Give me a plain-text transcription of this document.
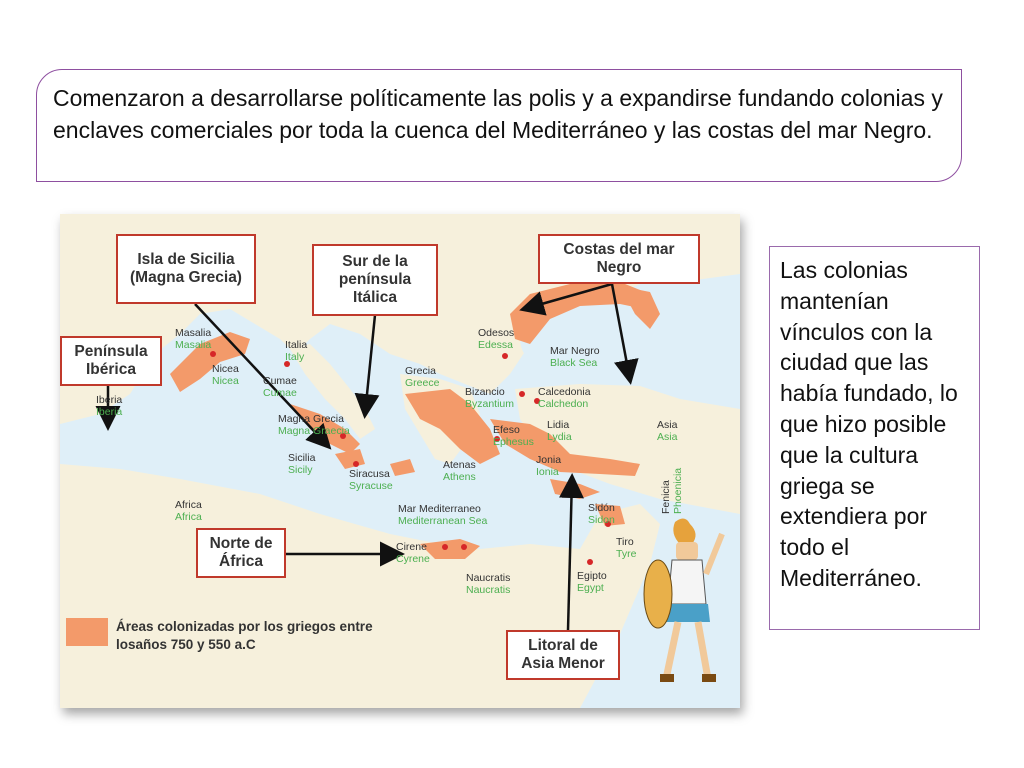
Comenzaron a desarrollarse políticamente las polis y a expandirse fundando colonias y enclaves comerciales por toda la cuenca del Mediterráneo y las costas del mar Negro.

Las colonias mantenían vínculos con la ciudad que las había fundado, lo que hizo posible que la cultura griega se extendiera por todo el Mediterráneo.

Masalia
Masalia	Italia
Italy
Odesos
Edessa	Mar Negro
Black Sea
Nicea
Nicea Cumae
Cumae
Grecia
Greece
Bizancio
Byzantium
Calcedonia
Calchedon
Iberia
Iberia
Magna Grecia
Magna Graecia	Efeso
Ephesus
Lidia
Lydia
Asia
Asia
Sicilia
Sicily	Siracusa
Syracuse
Atenas
Athens
Jonia
Ionia
Africa
Africa
Mar Mediterraneo
Mediterranean Sea
Sidón
Sidon
Fenicia Phoenicia
Cirene
Cyrene
Tiro
Tyre
Naucratis
Naucratis
Egipto
Egypt
Isla de Sicilia (Magna Grecia)
Sur de la península Itálica
Costas del mar Negro
Península Ibérica
Norte de África
Litoral de Asia Menor
Áreas colonizadas por los griegos entre losaños 750 y 550 a.C
